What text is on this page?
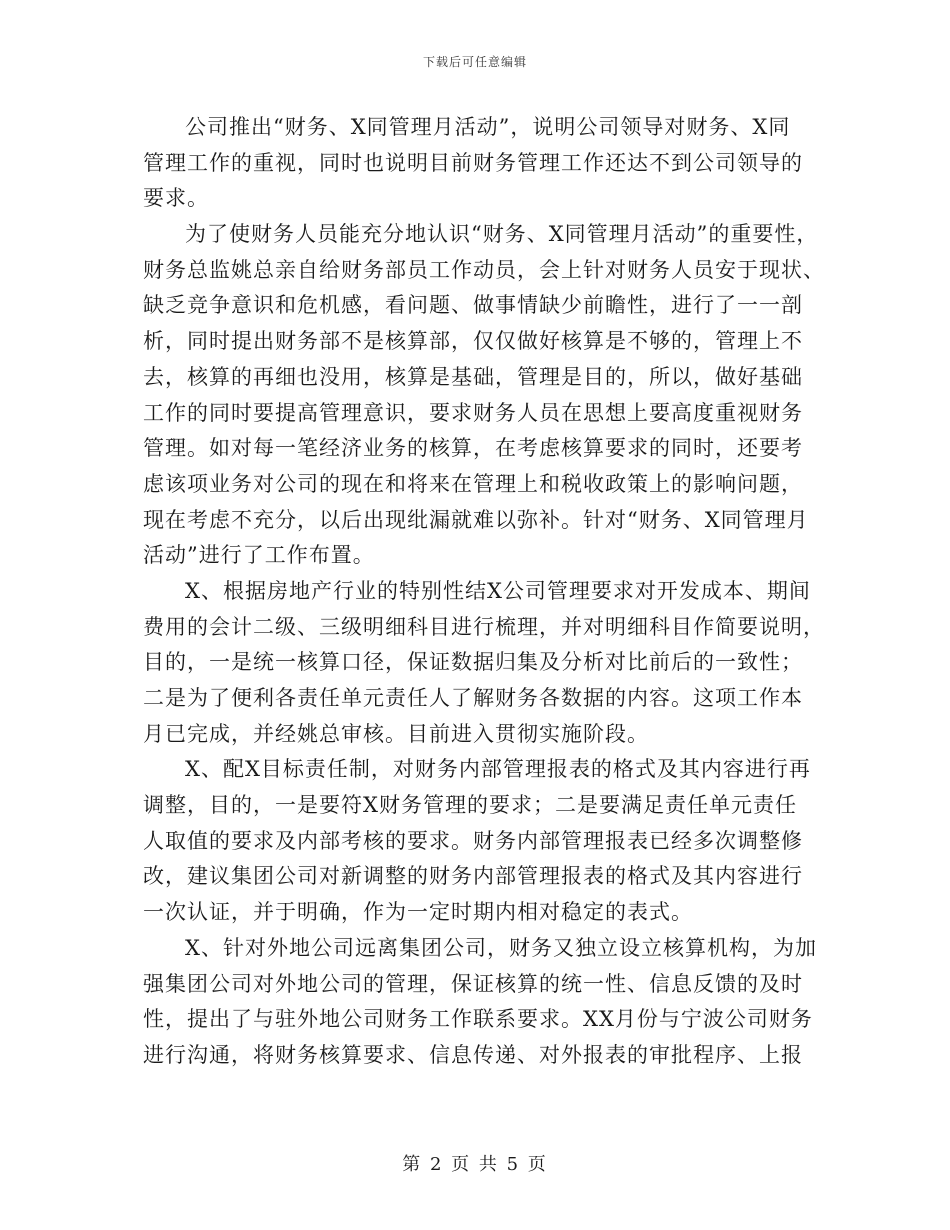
下载后可任意编辑
公司推出“财务、X同管理月活动”，说明公司领导对财务、X同
管理工作的重视，同时也说明目前财务管理工作还达不到公司领导的
要求。
为了使财务人员能充分地认识“财务、X同管理月活动”的重要性，
财务总监姚总亲自给财务部员工作动员，会上针对财务人员安于现状、
缺乏竞争意识和危机感，看问题、做事情缺少前瞻性，进行了一一剖
析，同时提出财务部不是核算部，仅仅做好核算是不够的，管理上不
去，核算的再细也没用，核算是基础，管理是目的，所以，做好基础
工作的同时要提高管理意识，要求财务人员在思想上要高度重视财务
管理。如对每一笔经济业务的核算，在考虑核算要求的同时，还要考
虑该项业务对公司的现在和将来在管理上和税收政策上的影响问题，
现在考虑不充分，以后出现纰漏就难以弥补。针对“财务、X同管理月
活动”进行了工作布置。
X、根据房地产行业的特别性结X公司管理要求对开发成本、期间
费用的会计二级、三级明细科目进行梳理，并对明细科目作简要说明，
目的，一是统一核算口径，保证数据归集及分析对比前后的一致性；
二是为了便利各责任单元责任人了解财务各数据的内容。这项工作本
月已完成，并经姚总审核。目前进入贯彻实施阶段。
X、配X目标责任制，对财务内部管理报表的格式及其内容进行再
调整，目的，一是要符X财务管理的要求；二是要满足责任单元责任
人取值的要求及内部考核的要求。财务内部管理报表已经多次调整修
改，建议集团公司对新调整的财务内部管理报表的格式及其内容进行
一次认证，并于明确，作为一定时期内相对稳定的表式。
X、针对外地公司远离集团公司，财务又独立设立核算机构，为加
强集团公司对外地公司的管理，保证核算的统一性、信息反馈的及时
性，提出了与驻外地公司财务工作联系要求。XX月份与宁波公司财务
进行沟通，将财务核算要求、信息传递、对外报表的审批程序、上报
第 2 页 共 5 页
